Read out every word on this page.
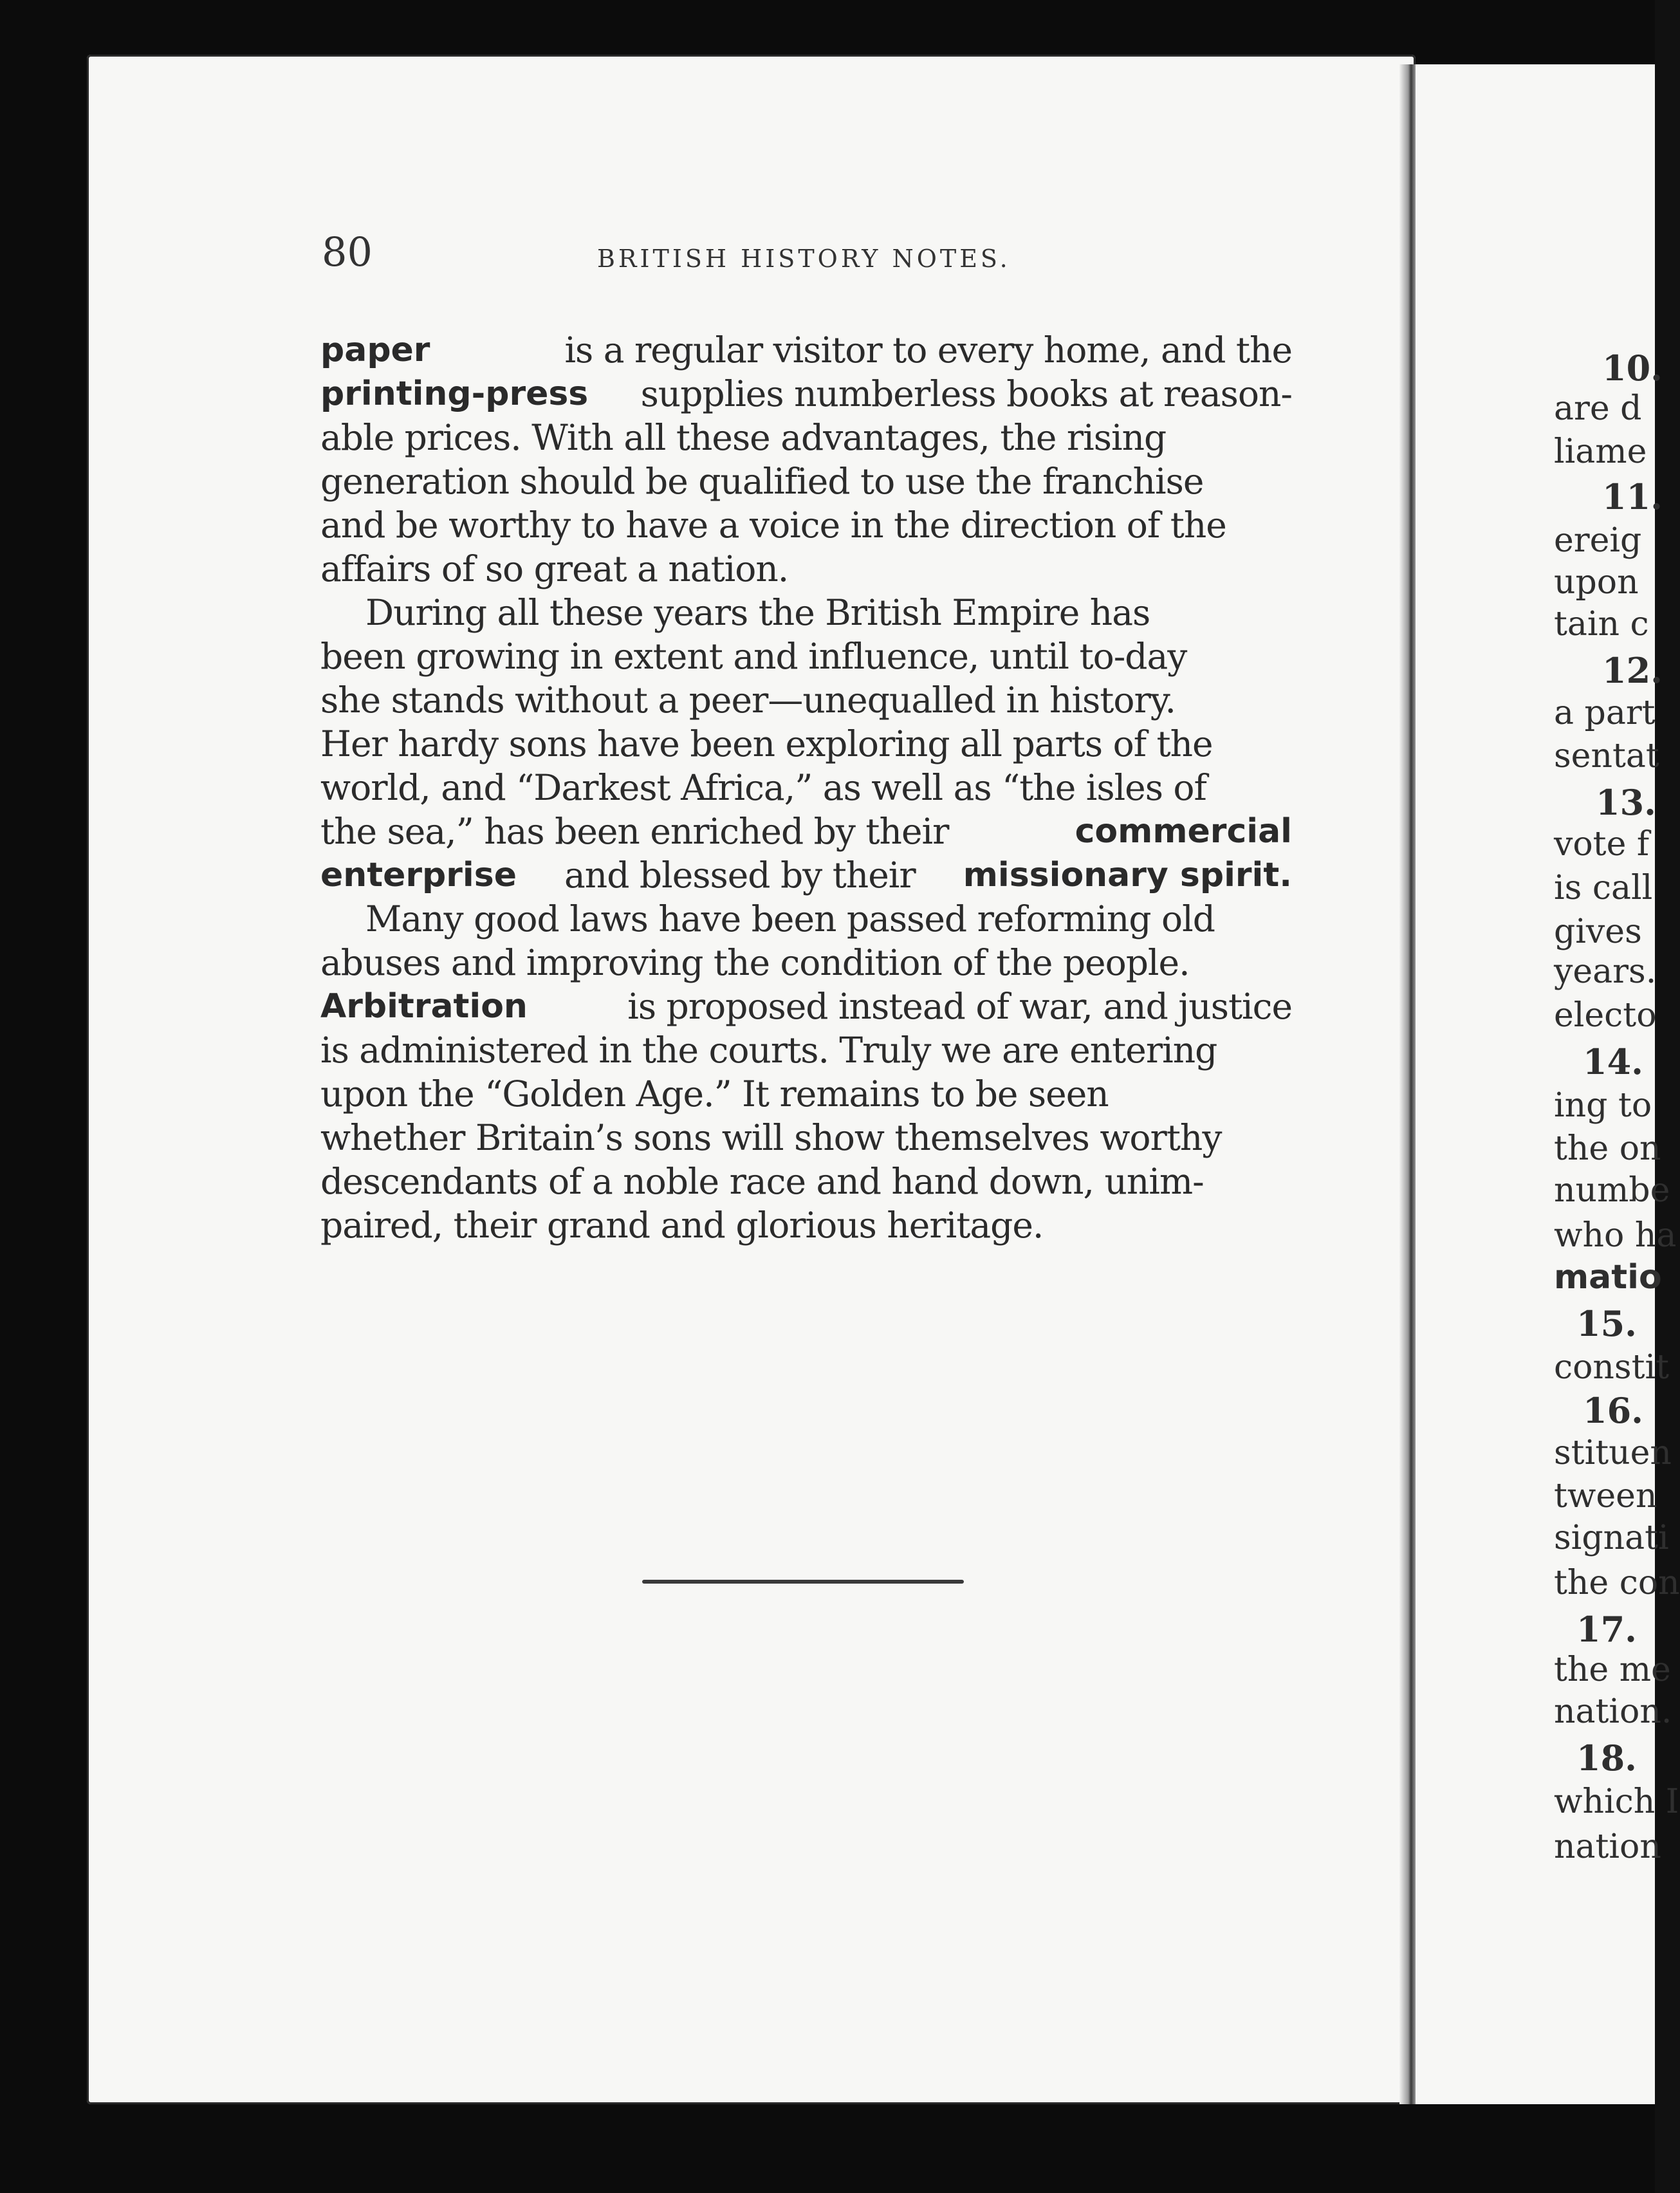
80	BRITISH HISTORY NOTES.
paper	is a regular visitor to every home, and the
printing-press supplies numberless books at reason-
able prices. With all these advantages, the rising
generation should be qualified to use the franchise
and be worthy to have a voice in the direction of the
affairs of so great a nation.
During all these years the British Empire has
been growing in extent and influence, until to-day
she stands without a peer—unequalled in history.
Her hardy sons have been exploring all parts of the
world, and “Darkest Africa,” as well as “the isles of
the sea,” has been enriched by their	commercial
enterprise and blessed by their missionary spirit.
Many good laws have been passed reforming old
abuses and improving the condition of the people.
Arbitration	is proposed instead of war, and justice
is administered in the courts. Truly we are entering
upon the “Golden Age.” It remains to be seen
whether Britain’s sons will show themselves worthy
descendants of a noble race and hand down, unim-
paired, their grand and glorious heritage.
10.
are d
liame
11.
ereig
upon
tain c
12.
a part
sentat
13.
vote f
is call
gives
years.
electo
14.
ing to
the on
numbe
who ha
matio
15.
constit
16.
stituen
tween
signati
the con
17.
the me
nation.
18.
which I
nation
